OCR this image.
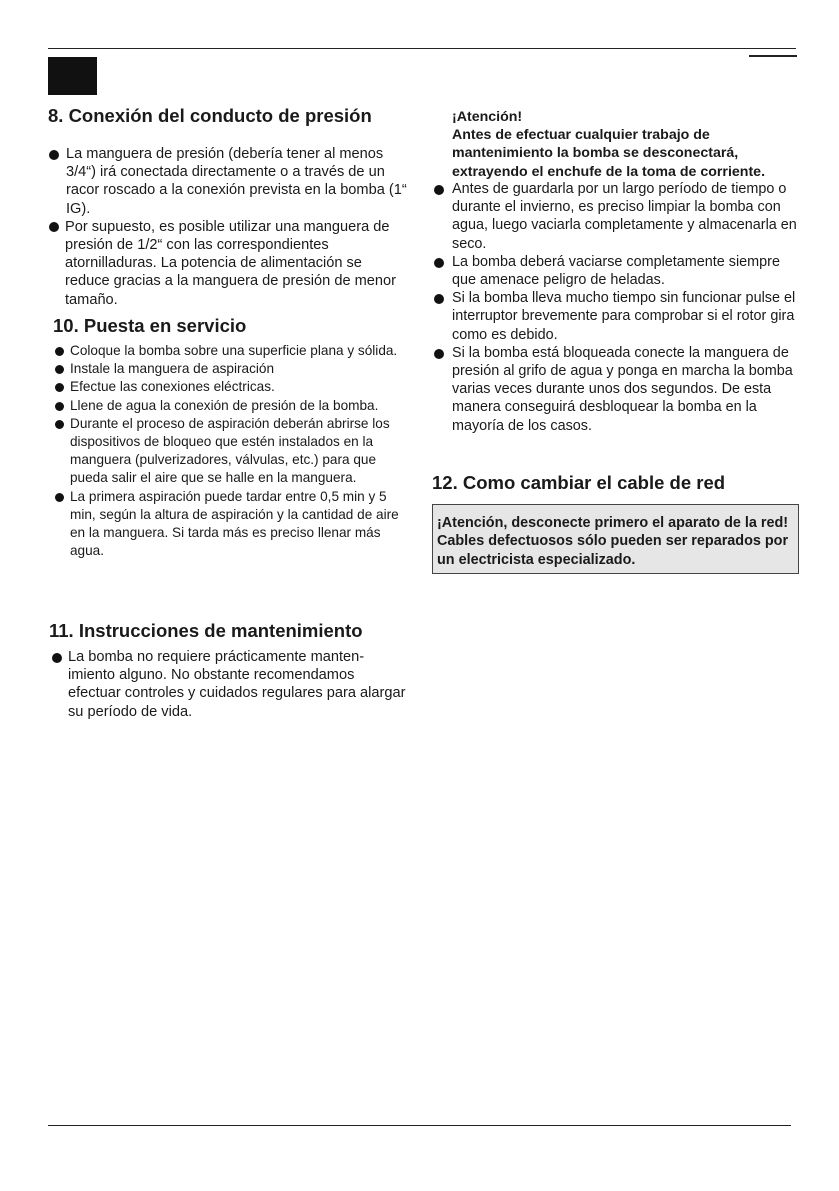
8. Conexión del conducto de presión
La manguera de presión (debería tener al menos 3/4“) irá conectada directamente o a través de un racor roscado a la conexión prevista en la bomba (1“ IG).
Por supuesto, es posible utilizar una manguera de presión de 1/2“ con las correspondientes atornilladuras. La potencia de alimentación se reduce gracias a la manguera de presión de menor tamaño.
10. Puesta en servicio
Coloque la bomba sobre una superficie plana y sólida.
Instale la manguera de aspiración
Efectue las conexiones eléctricas.
Llene de agua la conexión de presión de la bomba.
Durante el proceso de aspiración deberán abrirse los dispositivos de bloqueo que estén instalados en la manguera (pulverizadores, válvulas, etc.) para que pueda salir el aire que se halle en la manguera.
La primera aspiración puede tardar entre 0,5 min y 5 min, según la altura de aspiración y la cantidad de aire en la manguera. Si tarda más es preciso llenar más agua.
11. Instrucciones de mantenimiento
La bomba no requiere prácticamente manten-imiento alguno. No obstante recomendamos efectuar controles y cuidados regulares para alargar su período de vida.
¡Atención!
Antes de efectuar cualquier trabajo de mantenimiento la bomba se desconectará, extrayendo el enchufe de la toma de corriente.
Antes de guardarla por un largo período de tiempo o durante el invierno, es preciso limpiar la bomba con agua, luego vaciarla completamente y almacenarla en seco.
La bomba deberá vaciarse completamente siempre que amenace peligro de heladas.
Si la bomba lleva mucho tiempo sin funcionar pulse el interruptor brevemente para comprobar si el rotor gira como es debido.
Si la bomba está bloqueada conecte la manguera de presión al grifo de agua y ponga en marcha la bomba varias veces durante unos dos segundos. De esta manera conseguirá desbloquear la bomba en la mayoría de los casos.
12. Como cambiar el cable de red
¡Atención, desconecte primero el aparato de la red! Cables defectuosos sólo pueden ser reparados por un electricista especializado.
